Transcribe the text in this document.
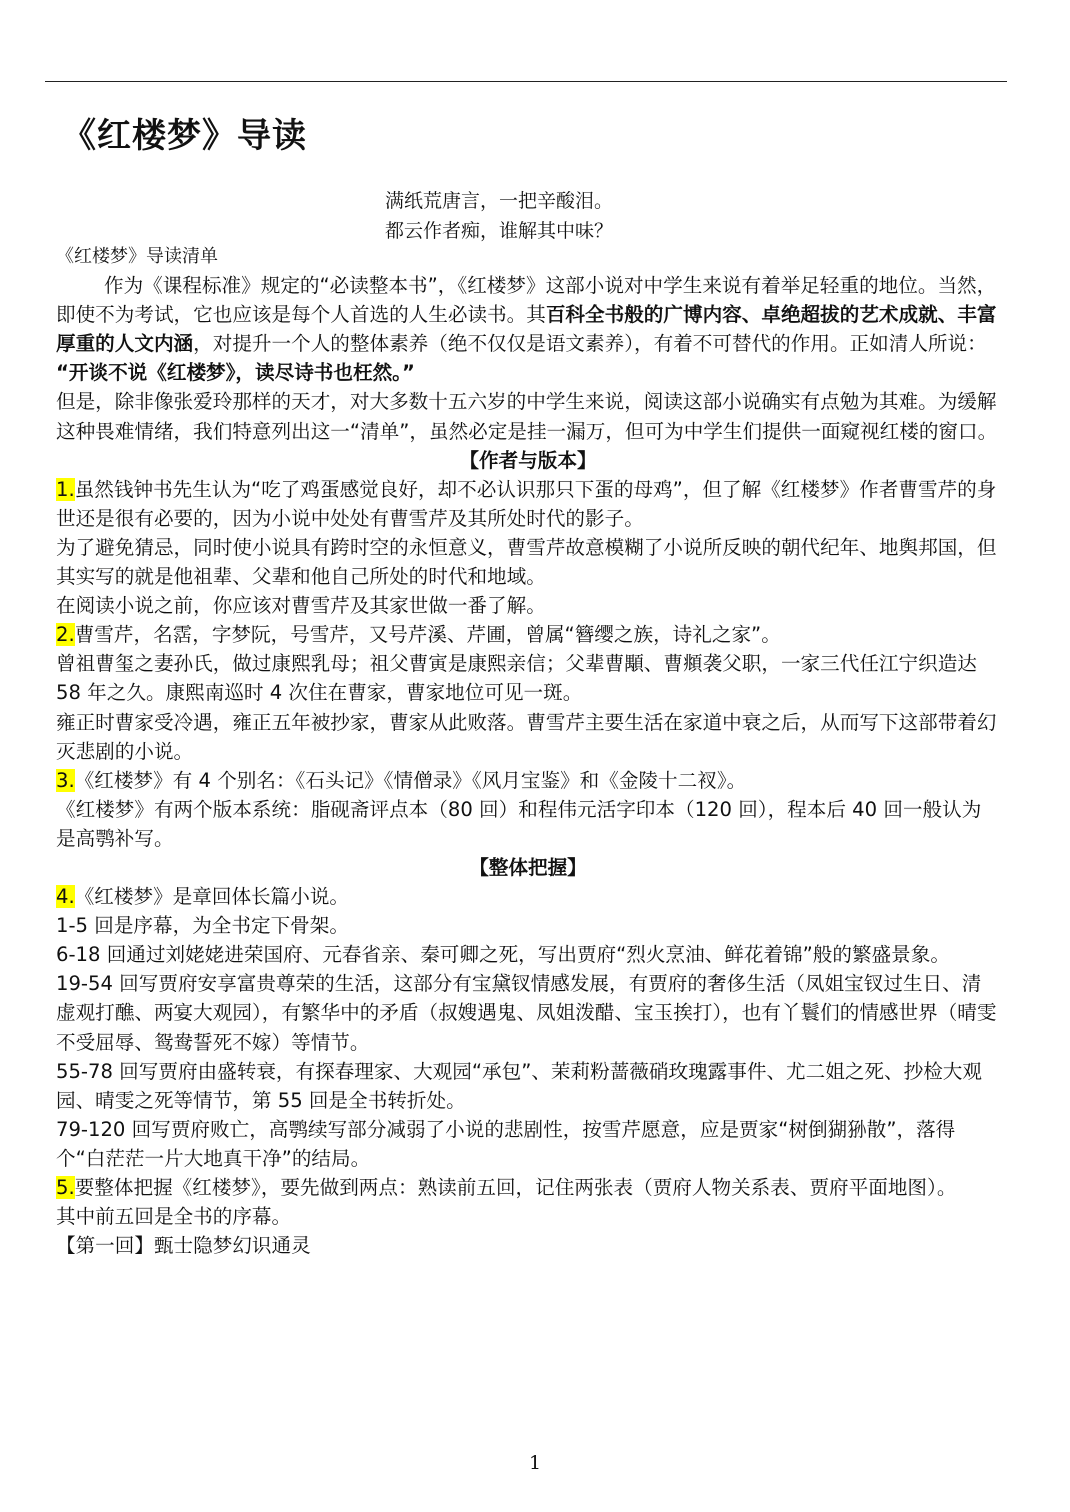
《红楼梦》导读
满纸荒唐言，一把辛酸泪。
都云作者痴，谁解其中味？

《红楼梦》导读清单

作为《课程标准》规定的“必读整本书”，《红楼梦》这部小说对中学生来说有着举足轻重的地位。当然，即使不为考试，它也应该是每个人首选的人生必读书。其百科全书般的广博内容、卓绝超拔的艺术成就、丰富厚重的人文内涵，对提升一个人的整体素养（绝不仅仅是语文素养），有着不可替代的作用。正如清人所说：

“开谈不说《红楼梦》，读尽诗书也枉然。”

但是，除非像张爱玲那样的天才，对大多数十五六岁的中学生来说，阅读这部小说确实有点勉为其难。为缓解这种畏难情绪，我们特意列出这一“清单”，虽然必定是挂一漏万，但可为中学生们提供一面窥视红楼的窗口。

【作者与版本】

1.虽然钱钟书先生认为“吃了鸡蛋感觉良好，却不必认识那只下蛋的母鸡”，但了解《红楼梦》作者曹雪芹的身世还是很有必要的，因为小说中处处有曹雪芹及其所处时代的影子。

为了避免猜忌，同时使小说具有跨时空的永恒意义，曹雪芹故意模糊了小说所反映的朝代纪年、地舆邦国，但其实写的就是他祖辈、父辈和他自己所处的时代和地域。

在阅读小说之前，你应该对曹雪芹及其家世做一番了解。

2.曹雪芹，名霑，字梦阮，号雪芹，又号芹溪、芹圃，曾属“簪缨之族，诗礼之家”。

曾祖曹玺之妻孙氏，做过康熙乳母；祖父曹寅是康熙亲信；父辈曹顒、曹頫袭父职，一家三代任江宁织造达 58 年之久。康熙南巡时 4 次住在曹家，曹家地位可见一斑。

雍正时曹家受冷遇，雍正五年被抄家，曹家从此败落。曹雪芹主要生活在家道中衰之后，从而写下这部带着幻灭悲剧的小说。

3.《红楼梦》有 4 个别名：《石头记》《情僧录》《风月宝鉴》和《金陵十二衩》。

《红楼梦》有两个版本系统：脂砚斋评点本（80 回）和程伟元活字印本（120 回），程本后 40 回一般认为是高鹗补写。

【整体把握】

4.《红楼梦》是章回体长篇小说。

1-5 回是序幕，为全书定下骨架。

6-18 回通过刘姥姥进荣国府、元春省亲、秦可卿之死，写出贾府“烈火烹油、鲜花着锦”般的繁盛景象。

19-54 回写贾府安享富贵尊荣的生活，这部分有宝黛钗情感发展，有贾府的奢侈生活（凤姐宝钗过生日、清虚观打醮、两宴大观园），有繁华中的矛盾（叔嫂遇鬼、凤姐泼醋、宝玉挨打），也有丫鬟们的情感世界（晴雯不受屈辱、鸳鸯誓死不嫁）等情节。

55-78 回写贾府由盛转衰，有探春理家、大观园“承包”、茉莉粉蔷薇硝玫瑰露事件、尤二姐之死、抄检大观园、晴雯之死等情节，第 55 回是全书转折处。

79-120 回写贾府败亡，高鹗续写部分减弱了小说的悲剧性，按雪芹愿意，应是贾家“树倒猢狲散”，落得个“白茫茫一片大地真干净”的结局。

5.要整体把握《红楼梦》，要先做到两点：熟读前五回，记住两张表（贾府人物关系表、贾府平面地图）。

其中前五回是全书的序幕。

【第一回】甄士隐梦幻识通灵

1
